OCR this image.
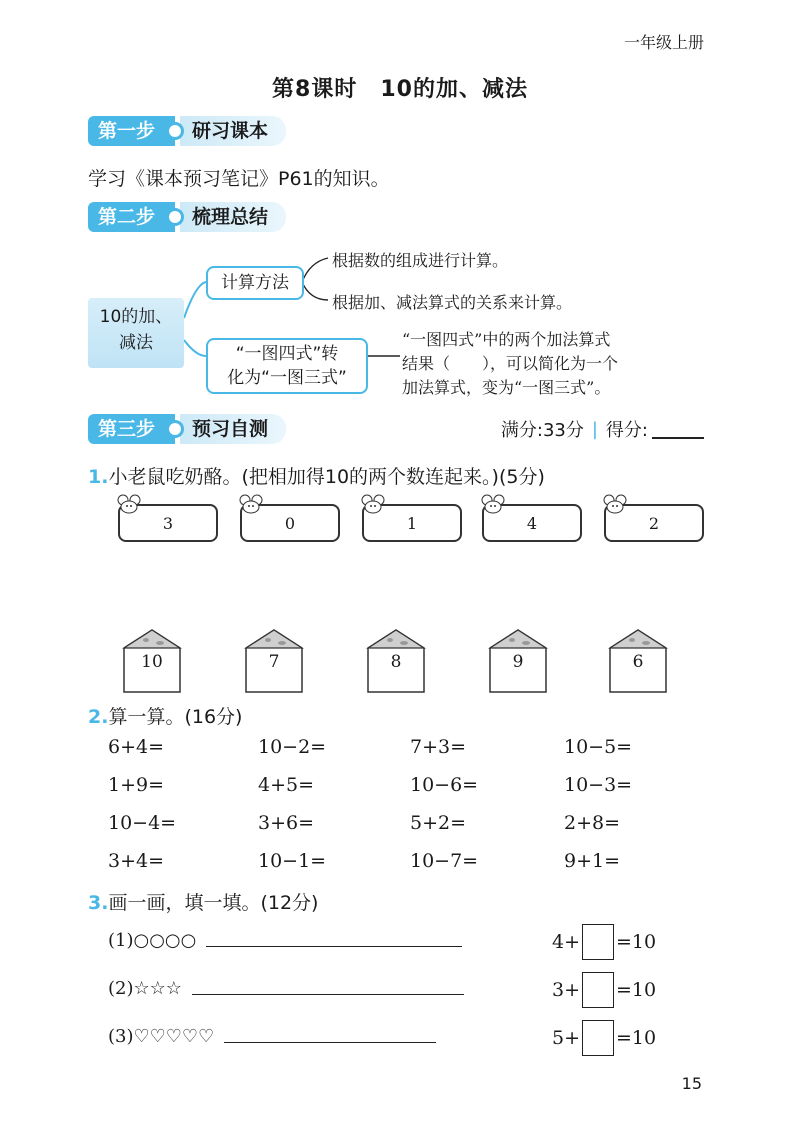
一年级上册
第8课时　10的加、减法
第一步	研习课本
学习《课本预习笔记》P61的知识。
第二步	梳理总结
10的加、
减法
计算方法
根据数的组成进行计算。
根据加、减法算式的关系来计算。
“一图四式”转
化为“一图三式”
“一图四式”中的两个加法算式
结果（　　），可以简化为一个
加法算式，变为“一图三式”。
第三步	预习自测	满分:33分 | 得分:
1.小老鼠吃奶酪。(把相加得10的两个数连起来。)(5分)
3	0	1	4	2
10	7	8	9	6
2.算一算。(16分)
6+4=	10−2=	7+3=	10−5=
1+9=	4+5=	10−6=	10−3=
10−4=	3+6=	5+2=	2+8=
3+4=	10−1=	10−7=	9+1=
3.画一画，填一填。(12分)
(1)○○○○	4+ =10
(2)☆☆☆	3+ =10
(3)♡♡♡♡♡	5+ =10
15
